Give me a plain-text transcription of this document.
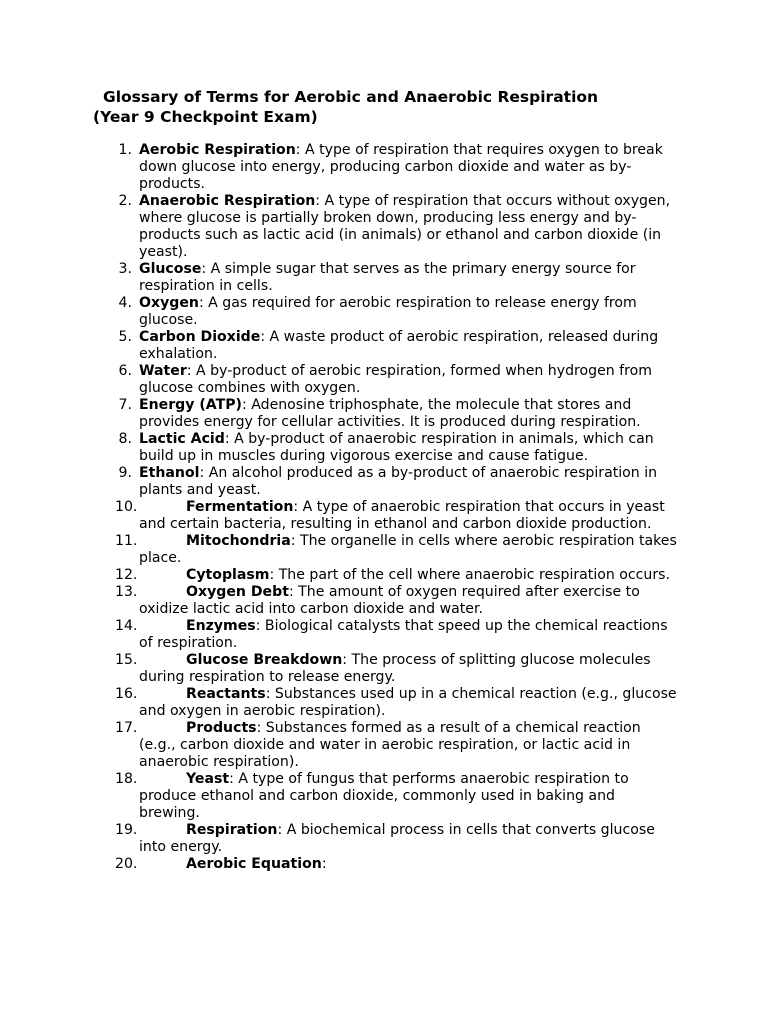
Glossary of Terms for Aerobic and Anaerobic Respiration
(Year 9 Checkpoint Exam)
1. Aerobic Respiration: A type of respiration that requires oxygen to break down glucose into energy, producing carbon dioxide and water as by-products.
2. Anaerobic Respiration: A type of respiration that occurs without oxygen, where glucose is partially broken down, producing less energy and by-products such as lactic acid (in animals) or ethanol and carbon dioxide (in yeast).
3. Glucose: A simple sugar that serves as the primary energy source for respiration in cells.
4. Oxygen: A gas required for aerobic respiration to release energy from glucose.
5. Carbon Dioxide: A waste product of aerobic respiration, released during exhalation.
6. Water: A by-product of aerobic respiration, formed when hydrogen from glucose combines with oxygen.
7. Energy (ATP): Adenosine triphosphate, the molecule that stores and provides energy for cellular activities. It is produced during respiration.
8. Lactic Acid: A by-product of anaerobic respiration in animals, which can build up in muscles during vigorous exercise and cause fatigue.
9. Ethanol: An alcohol produced as a by-product of anaerobic respiration in plants and yeast.
10.	Fermentation: A type of anaerobic respiration that occurs in yeast and certain bacteria, resulting in ethanol and carbon dioxide production.
11.	Mitochondria: The organelle in cells where aerobic respiration takes place.
12.	Cytoplasm: The part of the cell where anaerobic respiration occurs.
13.	Oxygen Debt: The amount of oxygen required after exercise to oxidize lactic acid into carbon dioxide and water.
14.	Enzymes: Biological catalysts that speed up the chemical reactions of respiration.
15.	Glucose Breakdown: The process of splitting glucose molecules during respiration to release energy.
16.	Reactants: Substances used up in a chemical reaction (e.g., glucose and oxygen in aerobic respiration).
17.	Products: Substances formed as a result of a chemical reaction (e.g., carbon dioxide and water in aerobic respiration, or lactic acid in anaerobic respiration).
18.	Yeast: A type of fungus that performs anaerobic respiration to produce ethanol and carbon dioxide, commonly used in baking and brewing.
19.	Respiration: A biochemical process in cells that converts glucose into energy.
20.	Aerobic Equation:
